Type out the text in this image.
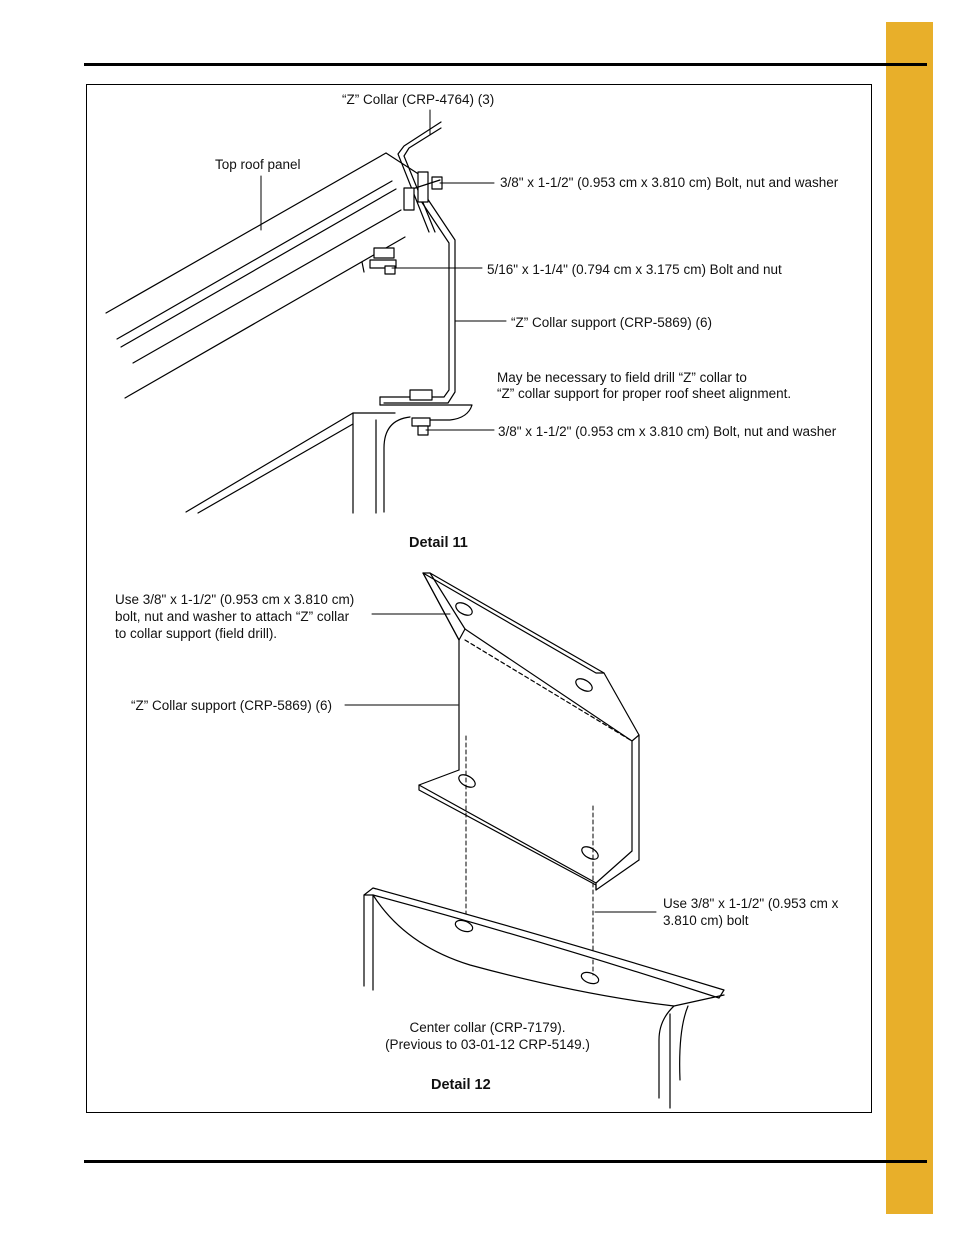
“Z” Collar (CRP-4764) (3)
Top roof panel
3/8" x 1-1/2" (0.953 cm x 3.810 cm) Bolt, nut and washer
5/16" x 1-1/4" (0.794 cm x 3.175 cm) Bolt and nut
“Z” Collar support (CRP-5869) (6)
May be necessary to field drill “Z” collar to
“Z” collar support for proper roof sheet alignment.
3/8" x 1-1/2" (0.953 cm x 3.810 cm) Bolt, nut and washer
Detail 11
Use 3/8" x 1-1/2" (0.953 cm x 3.810 cm)
bolt, nut and washer to attach “Z” collar
to collar support (field drill).
“Z” Collar support (CRP-5869) (6)
Use 3/8" x 1-1/2" (0.953 cm x
3.810 cm) bolt
Center collar (CRP-7179).
(Previous to 03-01-12 CRP-5149.)
Detail 12
